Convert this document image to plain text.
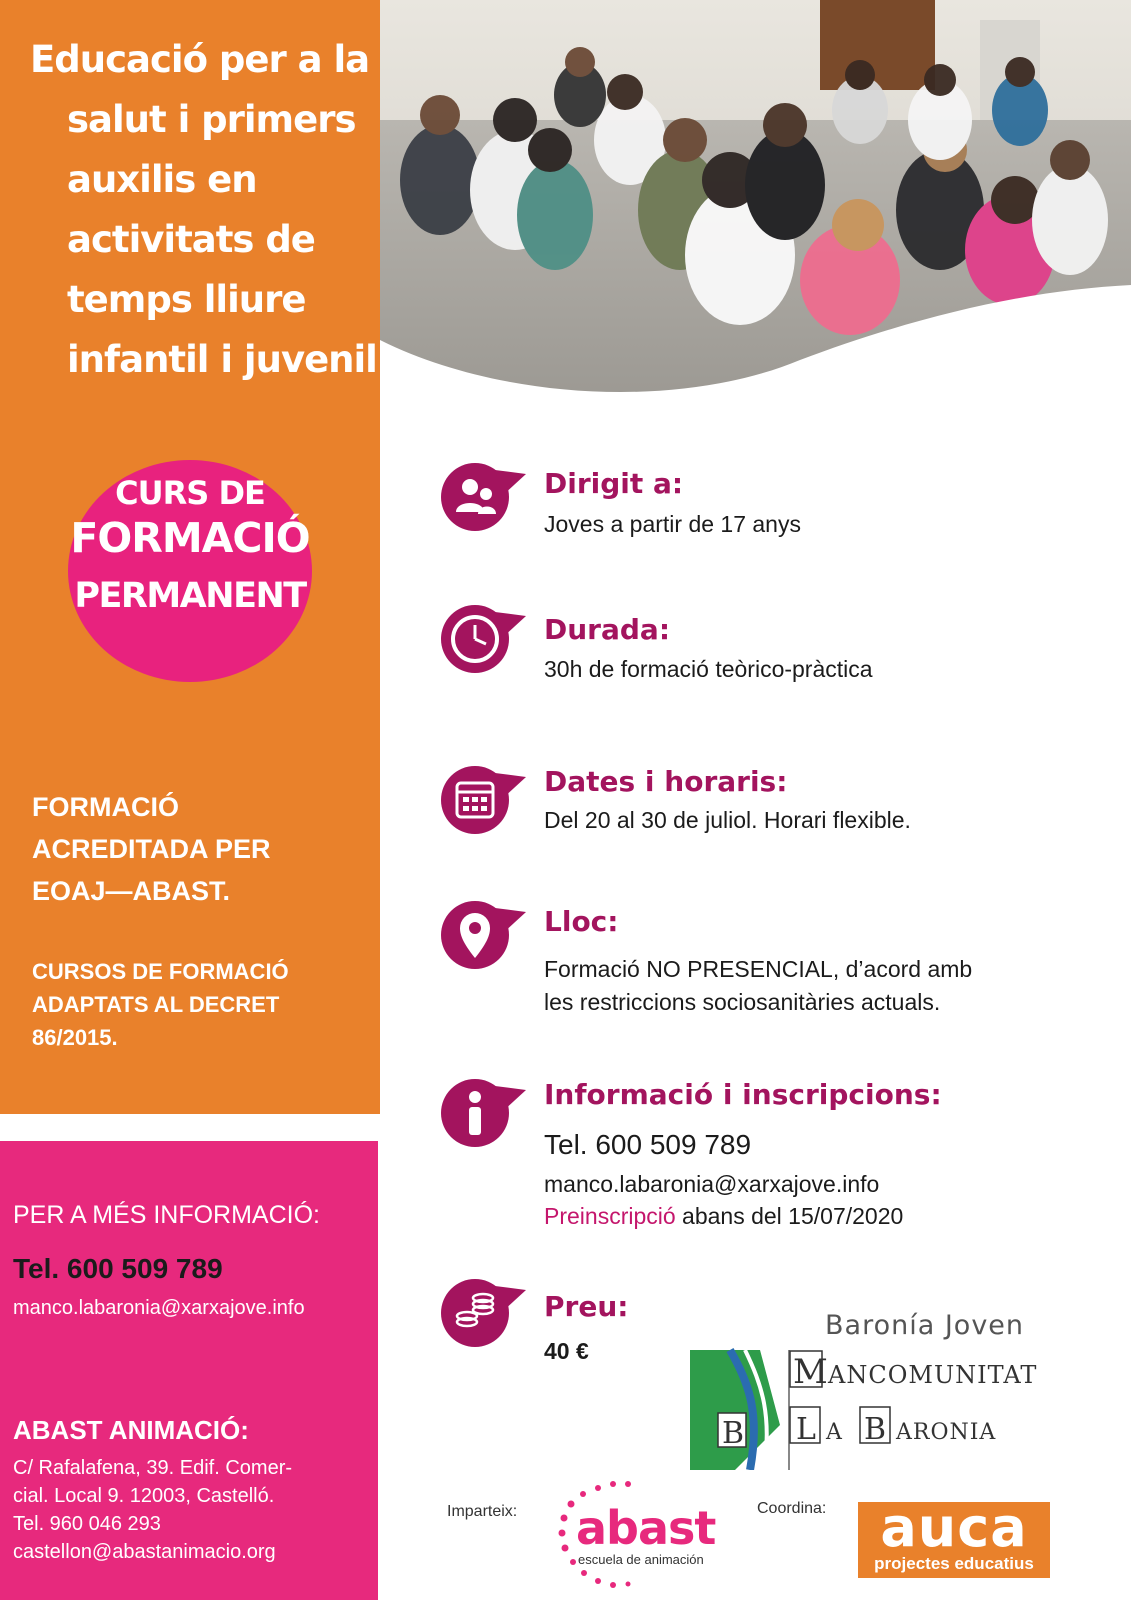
Educació per a la
salut i primers
auxilis en
activitats de
temps lliure
infantil i juvenil
CURS DE
FORMACIÓ
PERMANENT
FORMACIÓ
ACREDITADA PER
EOAJ—ABAST.
CURSOS DE FORMACIÓ
ADAPTATS AL DECRET
86/2015.
PER A MÉS INFORMACIÓ:
Tel. 600 509 789
manco.labaronia@xarxajove.info
ABAST ANIMACIÓ:
C/ Rafalafena, 39. Edif. Comer-
cial. Local 9. 12003, Castelló.
Tel. 960 046 293
castellon@abastanimacio.org
Dirigit a:
Joves a partir de 17 anys
Durada:
30h de formació teòrico-pràctica
Dates i horaris:
Del 20 al 30 de juliol. Horari flexible.
Lloc:
Formació NO PRESENCIAL, d’acord amb
les restriccions sociosanitàries actuals.
Informació i inscripcions:
Tel. 600 509 789
manco.labaronia@xarxajove.info
Preinscripció abans del 15/07/2020
Preu:
40 €
Baronía Joven
M ANCOMUNITAT
B L A B ARONIA
Imparteix: abast
escuela de animación
Coordina: auca
projectes educatius
